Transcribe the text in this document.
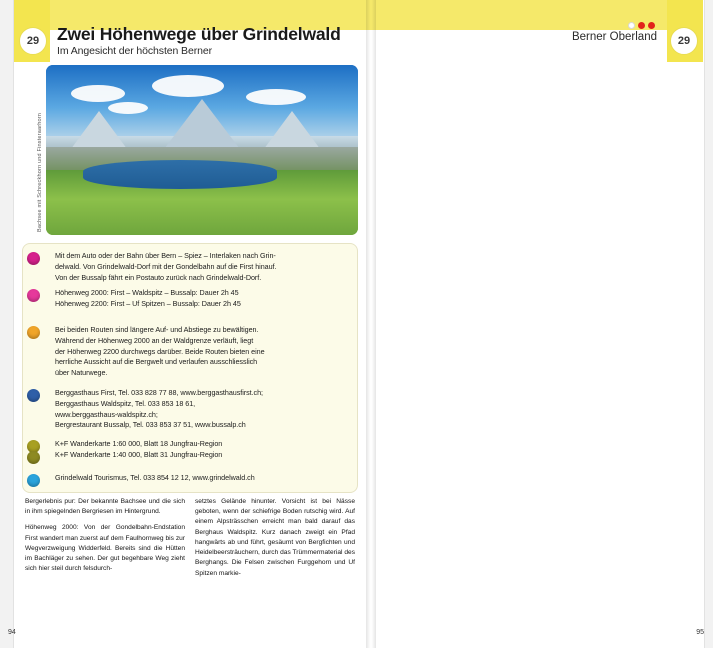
29	Zwei Höhenwege über Grindelwald
Im Angesicht der höchsten Berner
Bachsee mit Schreckhorn und Finsteraarhorn
Mit dem Auto oder der Bahn über Bern – Spiez – Interlaken nach Grin-
delwald. Von Grindelwald-Dorf mit der Gondelbahn auf die First hinauf.
Von der Bussalp fährt ein Postauto zurück nach Grindelwald-Dorf.
Höhenweg 2000: First – Waldspitz – Bussalp: Dauer 2h 45
Höhenweg 2200: First – Uf Spitzen – Bussalp: Dauer 2h 45
Bei beiden Routen sind längere Auf- und Abstiege zu bewältigen.
Während der Höhenweg 2000 an der Waldgrenze verläuft, liegt
der Höhenweg 2200 durchwegs darüber. Beide Routen bieten eine
herrliche Aussicht auf die Bergwelt und verlaufen ausschliesslich
über Naturwege.
Berggasthaus First, Tel. 033 828 77 88, www.berggasthausfirst.ch;
Berggasthaus Waldspitz, Tel. 033 853 18 61,
www.berggasthaus-waldspitz.ch;
Bergrestaurant Bussalp, Tel. 033 853 37 51, www.bussalp.ch
K+F Wanderkarte 1:60 000, Blatt 18 Jungfrau-Region
K+F Wanderkarte 1:40 000, Blatt 31 Jungfrau-Region
Grindelwald Tourismus, Tel. 033 854 12 12, www.grindelwald.ch

Bergerlebnis pur: Der bekannte Bachsee und die sich in ihm spiegelnden Bergriesen im Hintergrund.

Höhenweg 2000: Von der Gondelbahn-Endstation First wandert man zuerst auf dem Faulhornweg bis zur Wegverzweigung Widderfeld. Bereits sind die Hütten im Bachläger zu sehen. Der gut begehbare Weg zieht sich hier steil durch felsdurch-

setztes Gelände hinunter. Vorsicht ist bei Nässe geboten, wenn der schiefrige Boden rutschig wird. Auf einem Alpsträsschen erreicht man bald darauf das Berghaus Waldspitz. Kurz danach zweigt ein Pfad hangwärts ab und führt, gesäumt von Bergfichten und Heidelbeersträuchern, durch das Trümmermaterial des Berghangs. Die Felsen zwischen Furggehorn und Uf Spitzen markie-

94
Berner Oberland	29

95
